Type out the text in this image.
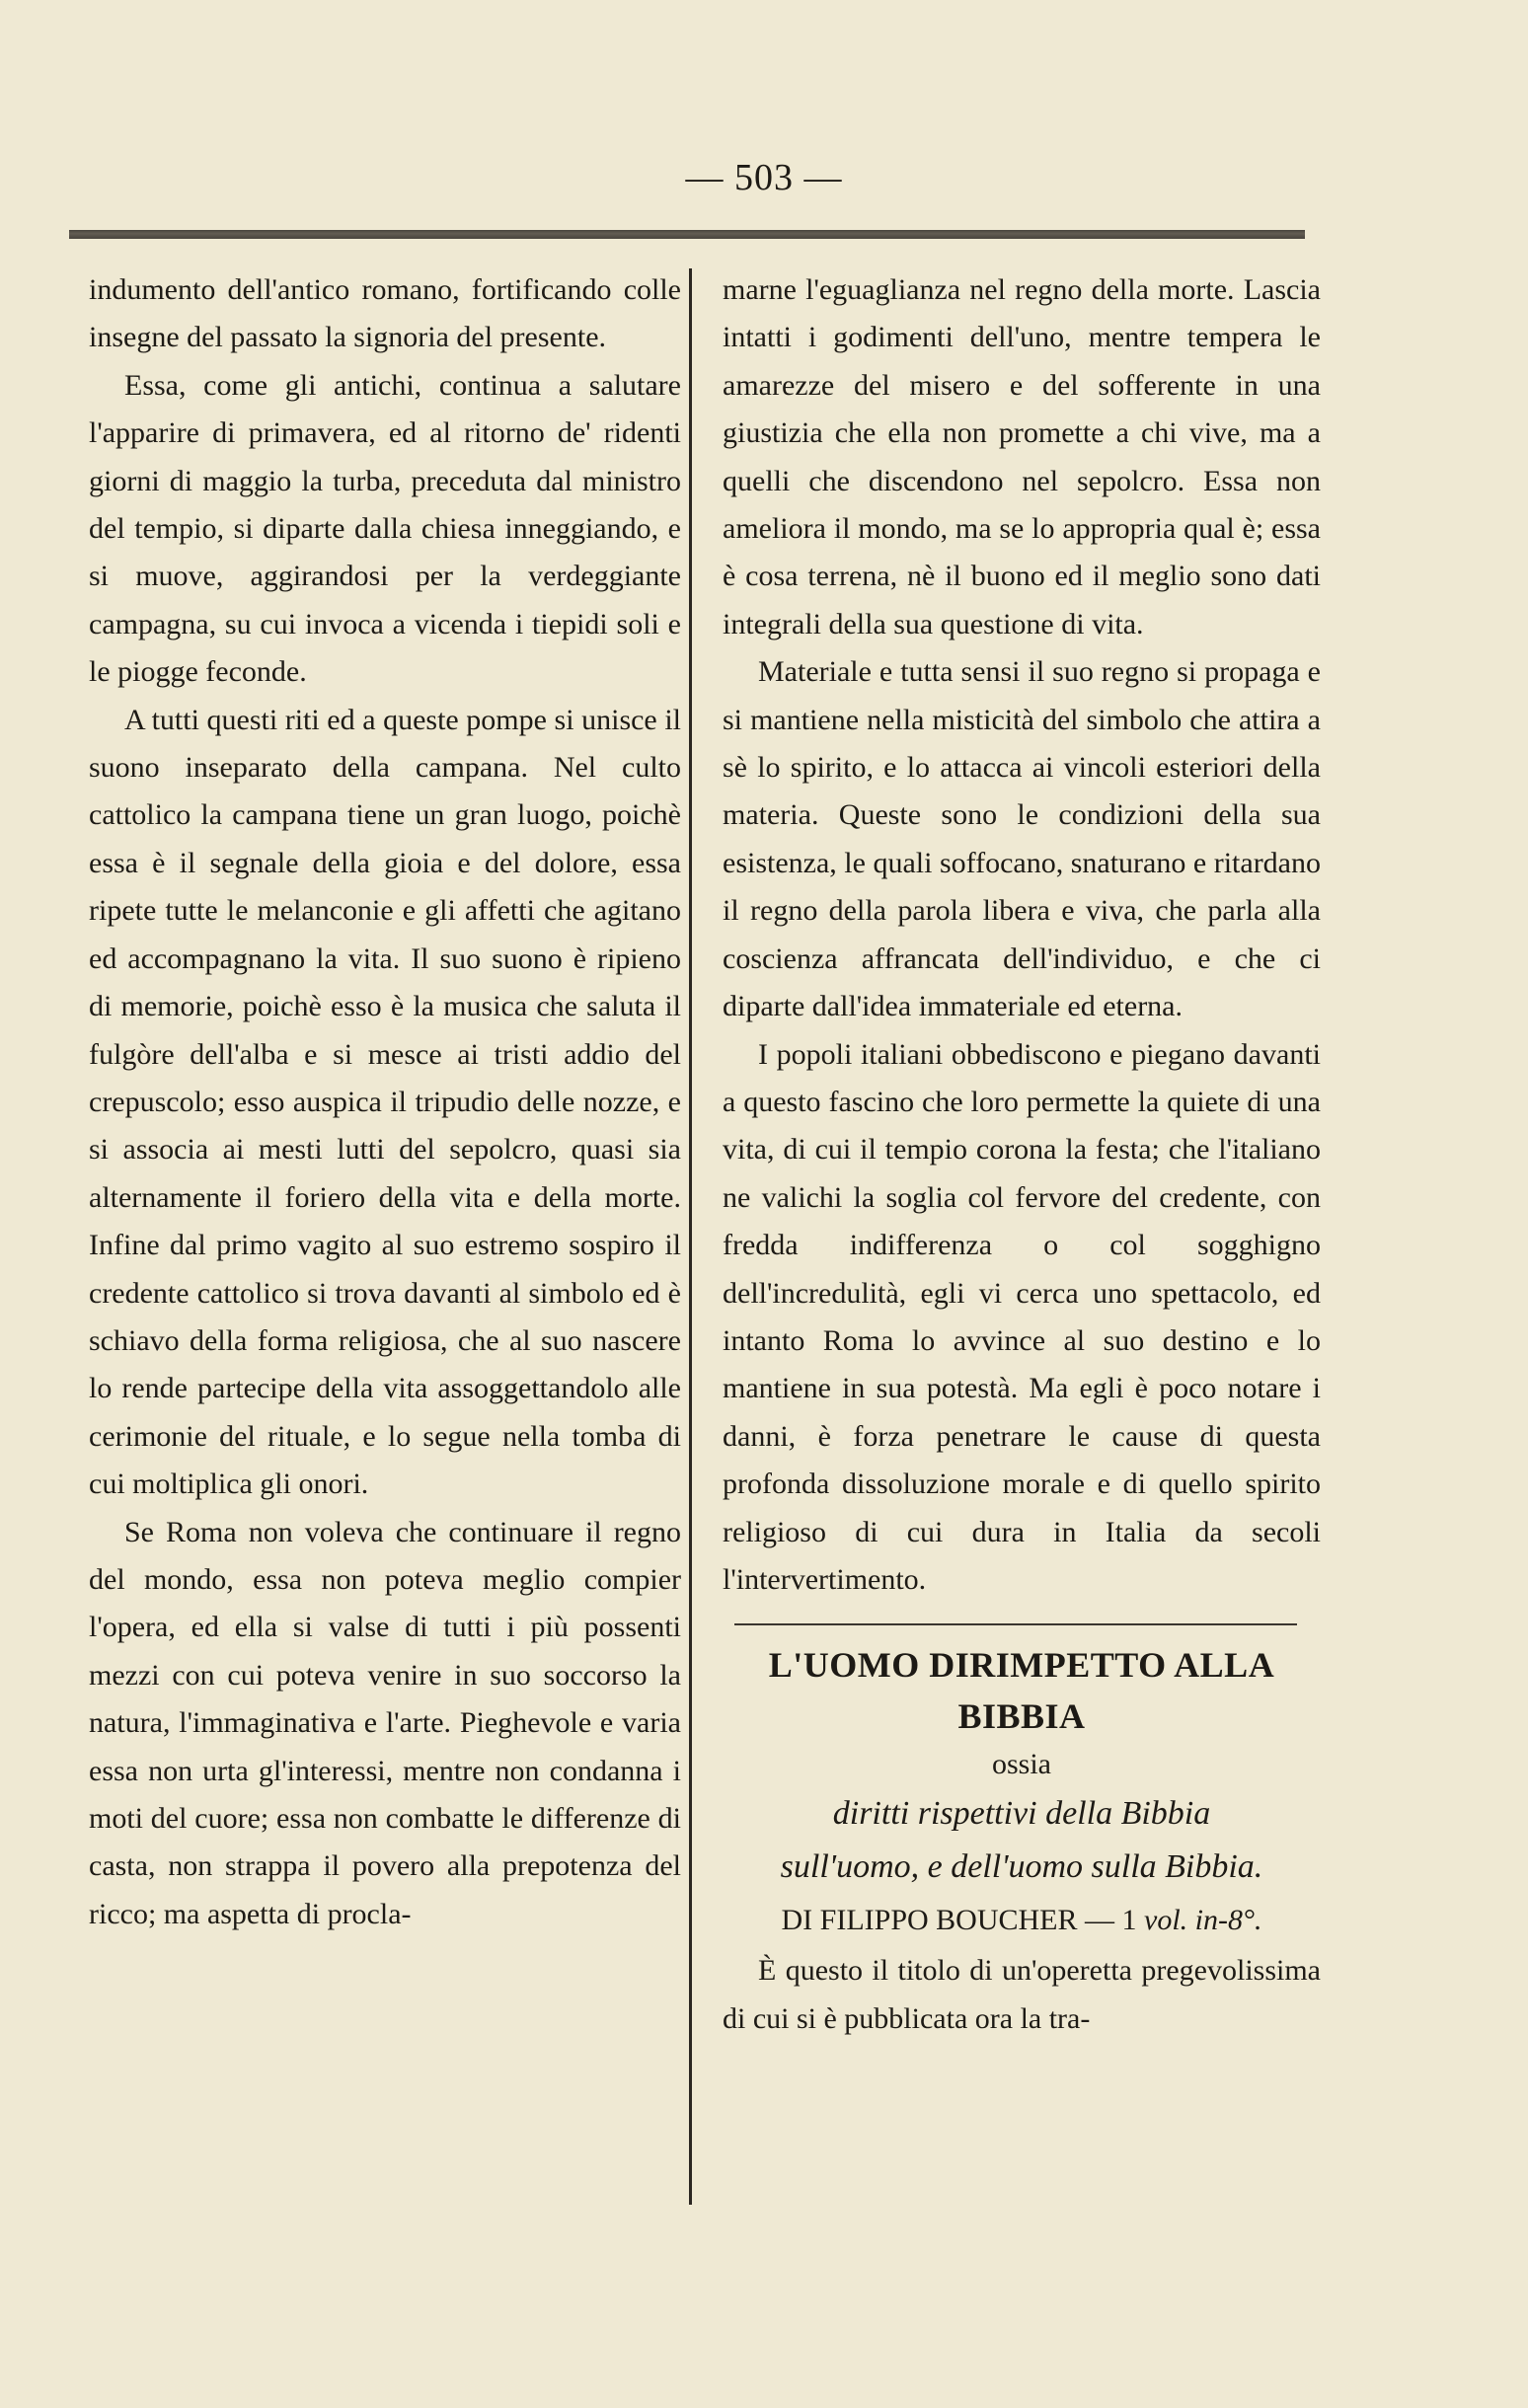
— 503 —

indumento dell'antico romano, fortificando colle insegne del passato la signoria del presente.

Essa, come gli antichi, continua a salutare l'apparire di primavera, ed al ritorno de' ridenti giorni di maggio la turba, preceduta dal ministro del tempio, si diparte dalla chiesa inneggiando, e si muove, aggirandosi per la verdeggiante campagna, su cui invoca a vicenda i tiepidi soli e le piogge feconde.

A tutti questi riti ed a queste pompe si unisce il suono inseparato della campana. Nel culto cattolico la campana tiene un gran luogo, poichè essa è il segnale della gioia e del dolore, essa ripete tutte le melanconie e gli affetti che agitano ed accompagnano la vita. Il suo suono è ripieno di memorie, poichè esso è la musica che saluta il fulgòre dell'alba e si mesce ai tristi addio del crepuscolo; esso auspica il tripudio delle nozze, e si associa ai mesti lutti del sepolcro, quasi sia alternamente il foriero della vita e della morte. Infine dal primo vagito al suo estremo sospiro il credente cattolico si trova davanti al simbolo ed è schiavo della forma religiosa, che al suo nascere lo rende partecipe della vita assoggettandolo alle cerimonie del rituale, e lo segue nella tomba di cui moltiplica gli onori.

Se Roma non voleva che continuare il regno del mondo, essa non poteva meglio compier l'opera, ed ella si valse di tutti i più possenti mezzi con cui poteva venire in suo soccorso la natura, l'immaginativa e l'arte. Pieghevole e varia essa non urta gl'interessi, mentre non condanna i moti del cuore; essa non combatte le differenze di casta, non strappa il povero alla prepotenza del ricco; ma aspetta di procla-

marne l'eguaglianza nel regno della morte. Lascia intatti i godimenti dell'uno, mentre tempera le amarezze del misero e del sofferente in una giustizia che ella non promette a chi vive, ma a quelli che discendono nel sepolcro. Essa non ameliora il mondo, ma se lo appropria qual è; essa è cosa terrena, nè il buono ed il meglio sono dati integrali della sua questione di vita.

Materiale e tutta sensi il suo regno si propaga e si mantiene nella misticità del simbolo che attira a sè lo spirito, e lo attacca ai vincoli esteriori della materia. Queste sono le condizioni della sua esistenza, le quali soffocano, snaturano e ritardano il regno della parola libera e viva, che parla alla coscienza affrancata dell'individuo, e che ci diparte dall'idea immateriale ed eterna.

I popoli italiani obbediscono e piegano davanti a questo fascino che loro permette la quiete di una vita, di cui il tempio corona la festa; che l'italiano ne valichi la soglia col fervore del credente, con fredda indifferenza o col sogghigno dell'incredulità, egli vi cerca uno spettacolo, ed intanto Roma lo avvince al suo destino e lo mantiene in sua potestà. Ma egli è poco notare i danni, è forza penetrare le cause di questa profonda dissoluzione morale e di quello spirito religioso di cui dura in Italia da secoli l'intervertimento.

L'UOMO DIRIMPETTO ALLA BIBBIA
ossia
diritti rispettivi della Bibbia
sull'uomo, e dell'uomo sulla Bibbia.
DI FILIPPO BOUCHER — 1 vol. in-8°.

È questo il titolo di un'operetta pregevolissima di cui si è pubblicata ora la tra-
